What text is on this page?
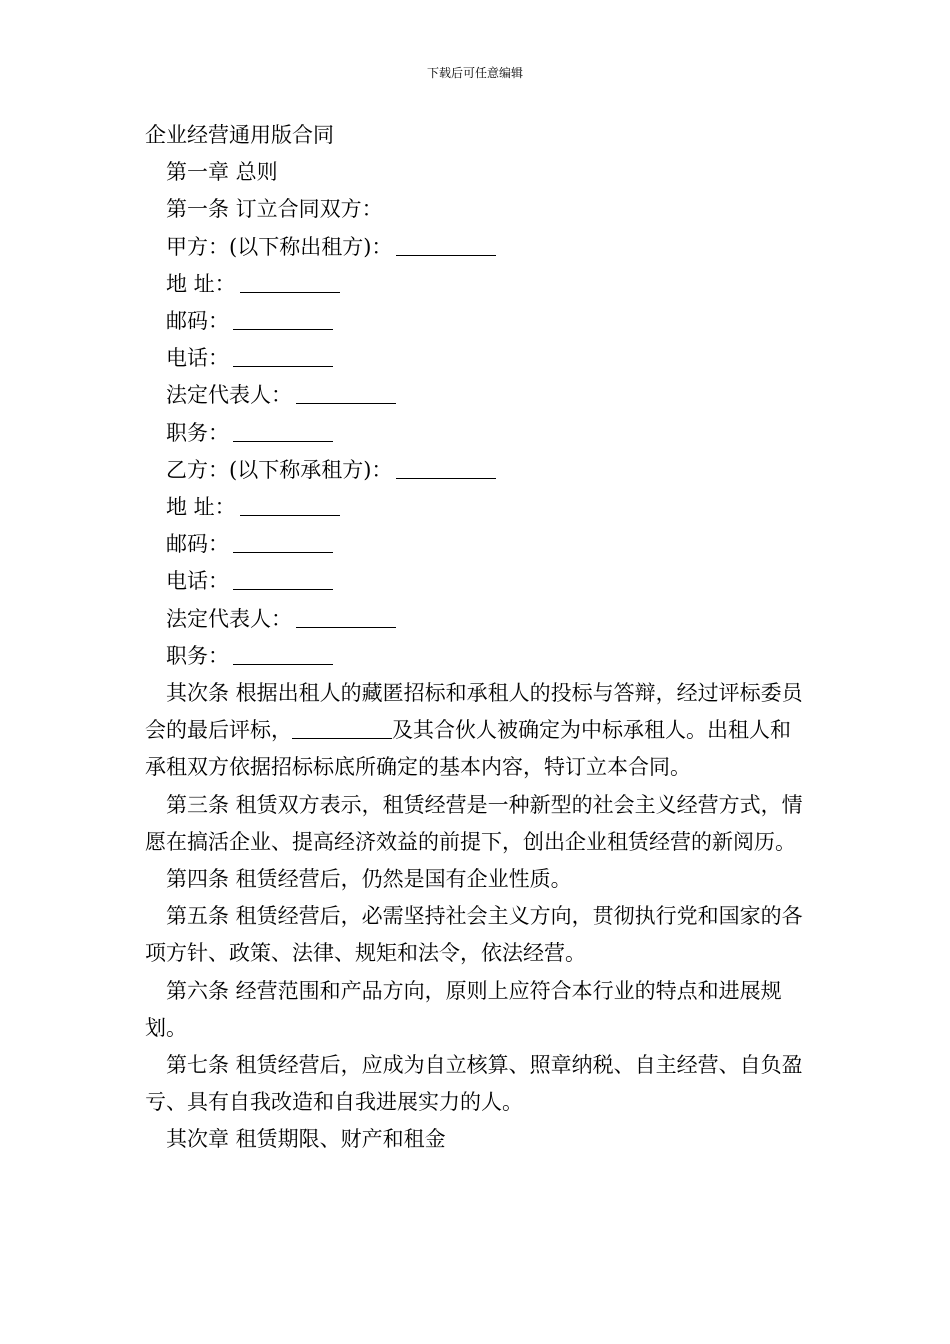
下载后可任意编辑
企业经营通用版合同
第一章 总则
第一条 订立合同双方：
甲方：(以下称出租方)：
地 址：
邮码：
电话：
法定代表人：
职务：
乙方：(以下称承租方)：
地 址：
邮码：
电话：
法定代表人：
职务：
其次条 根据出租人的藏匿招标和承租人的投标与答辩，经过评标委员会的最后评标，	及其合伙人被确定为中标承租人。出租人和承租双方依据招标标底所确定的基本内容，特订立本合同。
第三条 租赁双方表示，租赁经营是一种新型的社会主义经营方式，情愿在搞活企业、提高经济效益的前提下，创出企业租赁经营的新阅历。
第四条 租赁经营后，仍然是国有企业性质。
第五条 租赁经营后，必需坚持社会主义方向，贯彻执行党和国家的各项方针、政策、法律、规矩和法令，依法经营。
第六条 经营范围和产品方向，原则上应符合本行业的特点和进展规划。
第七条 租赁经营后，应成为自立核算、照章纳税、自主经营、自负盈亏、具有自我改造和自我进展实力的人。
其次章 租赁期限、财产和租金
